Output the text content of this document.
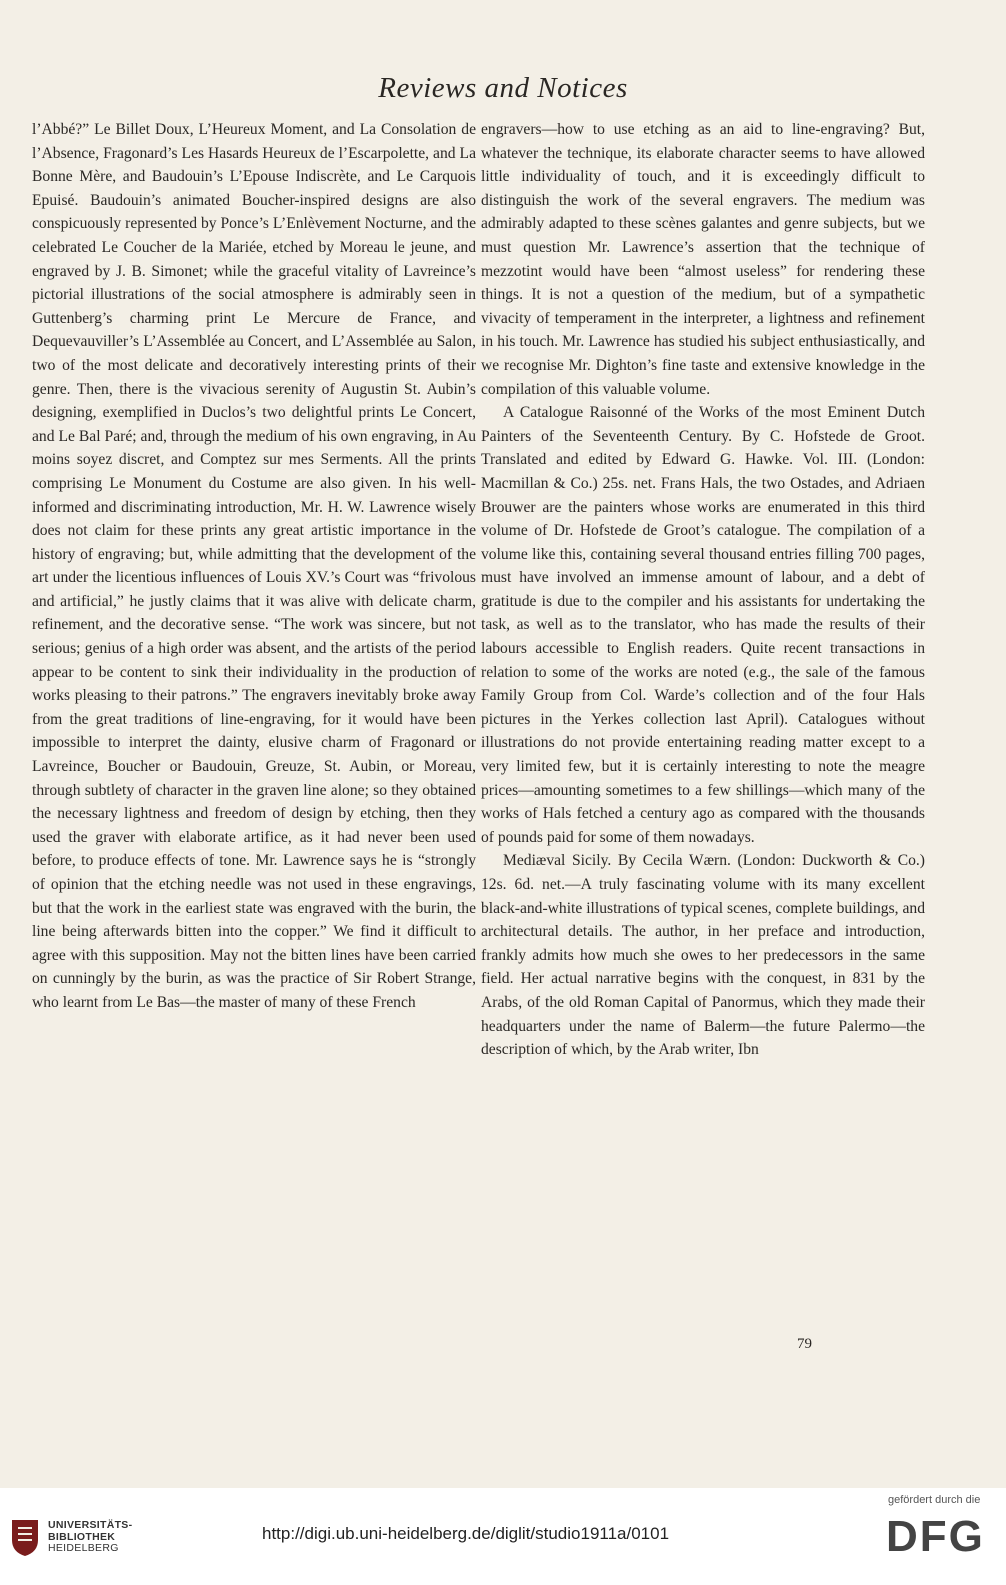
Reviews and Notices

l’Abbé?” Le Billet Doux, L’Heureux Moment, and La Consolation de l’Absence, Fragonard’s Les Hasards Heureux de l’Escarpolette, and La Bonne Mère, and Baudouin’s L’Epouse Indiscrète, and Le Carquois Epuisé. Baudouin’s animated Boucher-inspired designs are also conspicuously represented by Ponce’s L’Enlèvement Nocturne, and the celebrated Le Coucher de la Mariée, etched by Moreau le jeune, and engraved by J. B. Simonet; while the graceful vitality of Lavreince’s pictorial illustrations of the social atmosphere is admirably seen in Guttenberg’s charming print Le Mercure de France, and Dequevauviller’s L’Assemblée au Concert, and L’Assemblée au Salon, two of the most delicate and decoratively interesting prints of their genre. Then, there is the vivacious serenity of Augustin St. Aubin’s designing, exemplified in Duclos’s two delightful prints Le Concert, and Le Bal Paré; and, through the medium of his own engraving, in Au moins soyez discret, and Comptez sur mes Serments. All the prints comprising Le Monument du Costume are also given. In his well-informed and discriminating introduction, Mr. H. W. Lawrence wisely does not claim for these prints any great artistic importance in the history of engraving; but, while admitting that the development of the art under the licentious influences of Louis XV.’s Court was “frivolous and artificial,” he justly claims that it was alive with delicate charm, refinement, and the decorative sense. “The work was sincere, but not serious; genius of a high order was absent, and the artists of the period appear to be content to sink their individuality in the production of works pleasing to their patrons.” The engravers inevitably broke away from the great traditions of line-engraving, for it would have been impossible to interpret the dainty, elusive charm of Fragonard or Lavreince, Boucher or Baudouin, Greuze, St. Aubin, or Moreau, through subtlety of character in the graven line alone; so they obtained the necessary lightness and freedom of design by etching, then they used the graver with elaborate artifice, as it had never been used before, to produce effects of tone. Mr. Lawrence says he is “strongly of opinion that the etching needle was not used in these engravings, but that the work in the earliest state was engraved with the burin, the line being afterwards bitten into the copper.” We find it difficult to agree with this supposition. May not the bitten lines have been carried on cunningly by the burin, as was the practice of Sir Robert Strange, who learnt from Le Bas—the master of many of these French

engravers—how to use etching as an aid to line-engraving? But, whatever the technique, its elaborate character seems to have allowed little individuality of touch, and it is exceedingly difficult to distinguish the work of the several engravers. The medium was admirably adapted to these scènes galantes and genre subjects, but we must question Mr. Lawrence’s assertion that the technique of mezzotint would have been “almost useless” for rendering these things. It is not a question of the medium, but of a sympathetic vivacity of temperament in the interpreter, a lightness and refinement in his touch. Mr. Lawrence has studied his subject enthusiastically, and we recognise Mr. Dighton’s fine taste and extensive knowledge in the compilation of this valuable volume.

A Catalogue Raisonné of the Works of the most Eminent Dutch Painters of the Seventeenth Century. By C. Hofstede de Groot. Translated and edited by Edward G. Hawke. Vol. III. (London: Macmillan & Co.) 25s. net. Frans Hals, the two Ostades, and Adriaen Brouwer are the painters whose works are enumerated in this third volume of Dr. Hofstede de Groot’s catalogue. The compilation of a volume like this, containing several thousand entries filling 700 pages, must have involved an immense amount of labour, and a debt of gratitude is due to the compiler and his assistants for undertaking the task, as well as to the translator, who has made the results of their labours accessible to English readers. Quite recent transactions in relation to some of the works are noted (e.g., the sale of the famous Family Group from Col. Warde’s collection and of the four Hals pictures in the Yerkes collection last April). Catalogues without illustrations do not provide entertaining reading matter except to a very limited few, but it is certainly interesting to note the meagre prices—amounting sometimes to a few shillings—which many of the works of Hals fetched a century ago as compared with the thousands of pounds paid for some of them nowadays.

Mediæval Sicily. By Cecila Wærn. (London: Duckworth & Co.) 12s. 6d. net.—A truly fascinating volume with its many excellent black-and-white illustrations of typical scenes, complete buildings, and architectural details. The author, in her preface and introduction, frankly admits how much she owes to her predecessors in the same field. Her actual narrative begins with the conquest, in 831 by the Arabs, of the old Roman Capital of Panormus, which they made their headquarters under the name of Balerm—the future Palermo—the description of which, by the Arab writer, Ibn

79
UNIVERSITÄTS-
BIBLIOTHEK
HEIDELBERG
http://digi.ub.uni-heidelberg.de/diglit/studio1911a/0101
gefördert durch die
DFG
